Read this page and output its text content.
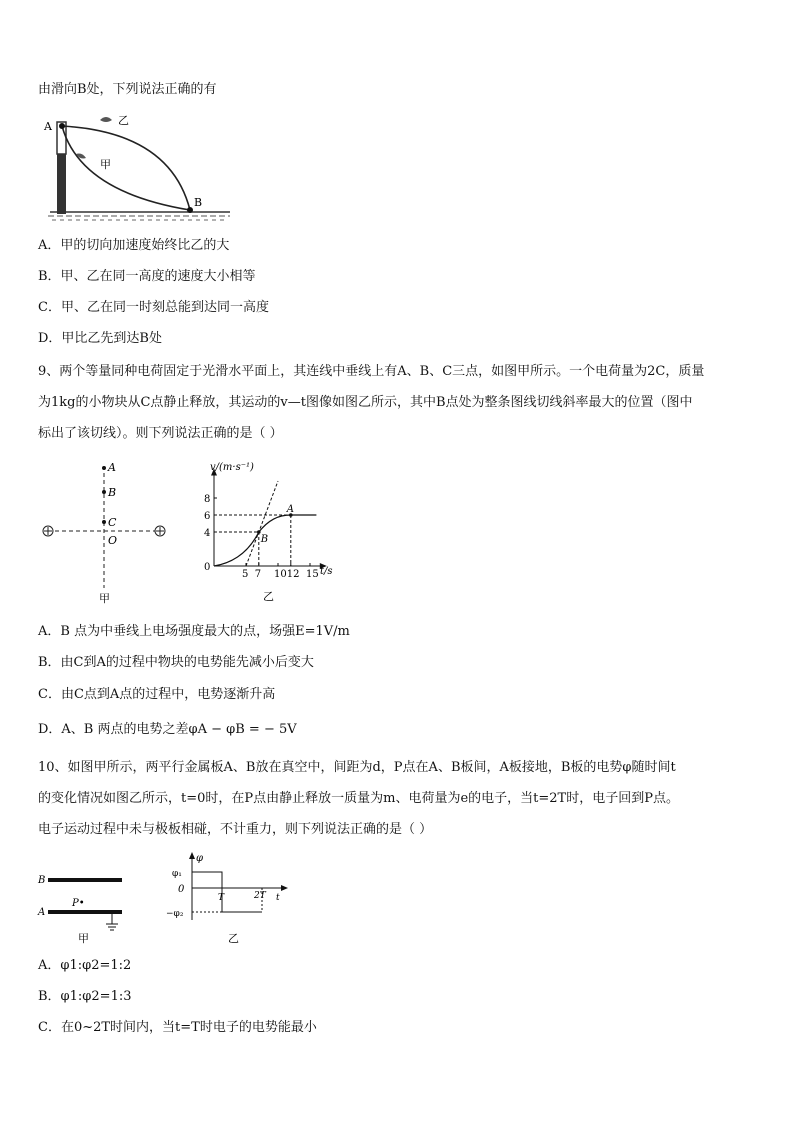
由滑向B处，下列说法正确的有
A
B
乙
甲
A．甲的切向加速度始终比乙的大
B．甲、乙在同一高度的速度大小相等
C．甲、乙在同一时刻总能到达同一高度
D．甲比乙先到达B处
9、两个等量同种电荷固定于光滑水平面上，其连线中垂线上有A、B、C三点，如图甲所示。一个电荷量为2C，质量
为1kg的小物块从C点静止释放，其运动的v—t图像如图乙所示，其中B点处为整条图线切线斜率最大的位置（图中
标出了该切线）。则下列说法正确的是（ ）
A
B
C
O
甲
5 7 10 12 15
4
6
8
A
B
v/(m·s⁻¹)
t/s
0
乙
A．B 点为中垂线上电场强度最大的点，场强E=1V/m
B．由C到A的过程中物块的电势能先减小后变大
C．由C点到A点的过程中，电势逐渐升高
D．A、B 两点的电势之差φA − φB = − 5V
10、如图甲所示，两平行金属板A、B放在真空中，间距为d，P点在A、B板间，A板接地，B板的电势φ随时间t
的变化情况如图乙所示，t=0时，在P点由静止释放一质量为m、电荷量为e的电子，当t=2T时，电子回到P点。
电子运动过程中未与极板相碰，不计重力，则下列说法正确的是（ ）
B
A
P•
甲
φ
φ₁
0
−φ₂
T	2T t
乙
A．φ1:φ2=1:2
B．φ1:φ2=1:3
C．在0~2T时间内，当t=T时电子的电势能最小
